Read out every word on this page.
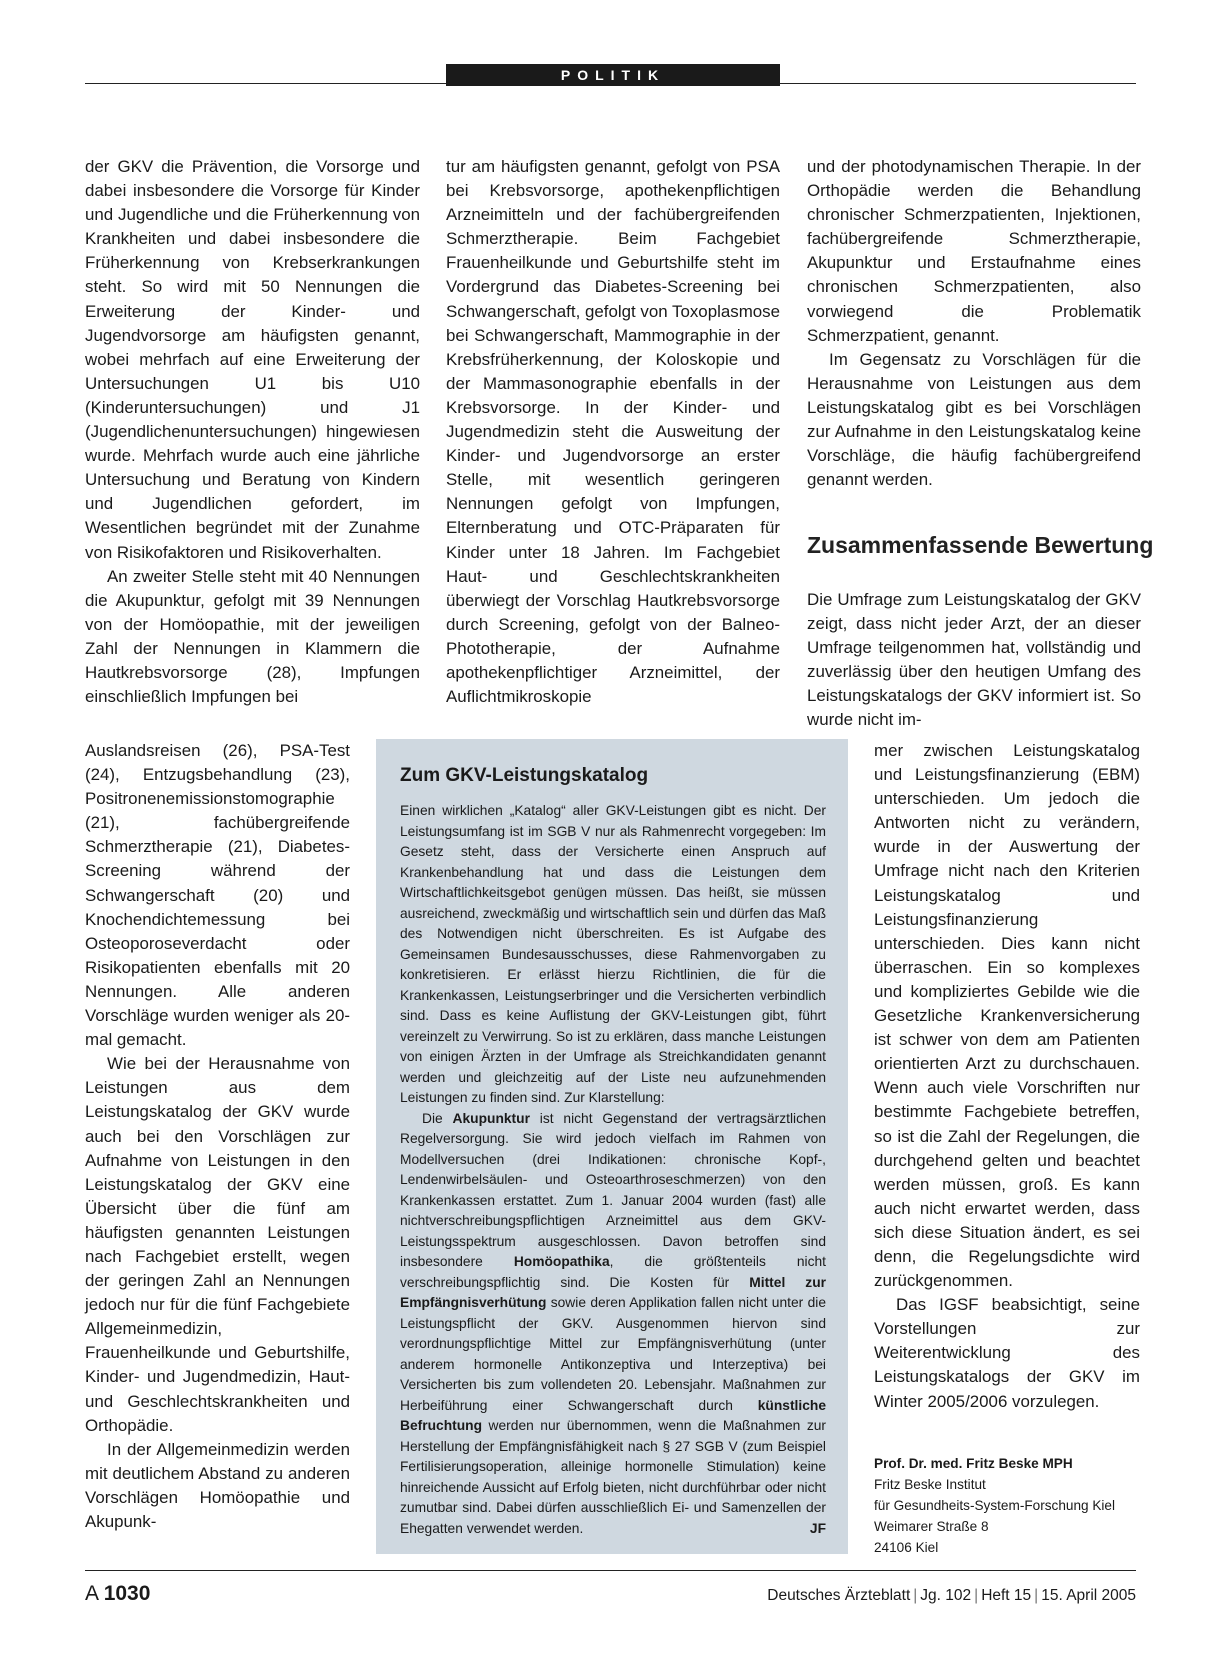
POLITIK

der GKV die Prävention, die Vorsorge und dabei insbesondere die Vorsorge für Kinder und Jugendliche und die Früherkennung von Krankheiten und dabei insbesondere die Früherkennung von Krebserkrankungen steht. So wird mit 50 Nennungen die Erweiterung der Kinder- und Jugendvorsorge am häufigsten genannt, wobei mehrfach auf eine Erweiterung der Untersuchungen U1 bis U10 (Kinderuntersuchungen) und J1 (Jugendlichenuntersuchungen) hingewiesen wurde. Mehrfach wurde auch eine jährliche Untersuchung und Beratung von Kindern und Jugendlichen gefordert, im Wesentlichen begründet mit der Zunahme von Risikofaktoren und Risikoverhalten.

An zweiter Stelle steht mit 40 Nennungen die Akupunktur, gefolgt mit 39 Nennungen von der Homöopathie, mit der jeweiligen Zahl der Nennungen in Klammern die Hautkrebsvorsorge (28), Impfungen einschließlich Impfungen bei

Auslandsreisen (26), PSA-Test (24), Entzugsbehandlung (23), Positronenemissionstomographie (21), fachübergreifende Schmerztherapie (21), Diabetes-Screening während der Schwangerschaft (20) und Knochendichtemessung bei Osteoporoseverdacht oder Risikopatienten ebenfalls mit 20 Nennungen. Alle anderen Vorschläge wurden weniger als 20-mal gemacht.

Wie bei der Herausnahme von Leistungen aus dem Leistungskatalog der GKV wurde auch bei den Vorschlägen zur Aufnahme von Leistungen in den Leistungskatalog der GKV eine Übersicht über die fünf am häufigsten genannten Leistungen nach Fachgebiet erstellt, wegen der geringen Zahl an Nennungen jedoch nur für die fünf Fachgebiete Allgemeinmedizin, Frauenheilkunde und Geburtshilfe, Kinder- und Jugendmedizin, Haut- und Geschlechtskrankheiten und Orthopädie.

In der Allgemeinmedizin werden mit deutlichem Abstand zu anderen Vorschlägen Homöopathie und Akupunk-

tur am häufigsten genannt, gefolgt von PSA bei Krebsvorsorge, apothekenpflichtigen Arzneimitteln und der fachübergreifenden Schmerztherapie. Beim Fachgebiet Frauenheilkunde und Geburtshilfe steht im Vordergrund das Diabetes-Screening bei Schwangerschaft, gefolgt von Toxoplasmose bei Schwangerschaft, Mammographie in der Krebsfrüherkennung, der Koloskopie und der Mammasonographie ebenfalls in der Krebsvorsorge. In der Kinder- und Jugendmedizin steht die Ausweitung der Kinder- und Jugendvorsorge an erster Stelle, mit wesentlich geringeren Nennungen gefolgt von Impfungen, Elternberatung und OTC-Präparaten für Kinder unter 18 Jahren. Im Fachgebiet Haut- und Geschlechtskrankheiten überwiegt der Vorschlag Hautkrebsvorsorge durch Screening, gefolgt von der Balneo-Phototherapie, der Aufnahme apothekenpflichtiger Arzneimittel, der Auflichtmikroskopie

und der photodynamischen Therapie. In der Orthopädie werden die Behandlung chronischer Schmerzpatienten, Injektionen, fachübergreifende Schmerztherapie, Akupunktur und Erstaufnahme eines chronischen Schmerzpatienten, also vorwiegend die Problematik Schmerzpatient, genannt.

Im Gegensatz zu Vorschlägen für die Herausnahme von Leistungen aus dem Leistungskatalog gibt es bei Vorschlägen zur Aufnahme in den Leistungskatalog keine Vorschläge, die häufig fachübergreifend genannt werden.

Zusammenfassende Bewertung

Die Umfrage zum Leistungskatalog der GKV zeigt, dass nicht jeder Arzt, der an dieser Umfrage teilgenommen hat, vollständig und zuverlässig über den heutigen Umfang des Leistungskatalogs der GKV informiert ist. So wurde nicht im-

mer zwischen Leistungskatalog und Leistungsfinanzierung (EBM) unterschieden. Um jedoch die Antworten nicht zu verändern, wurde in der Auswertung der Umfrage nicht nach den Kriterien Leistungskatalog und Leistungsfinanzierung unterschieden. Dies kann nicht überraschen. Ein so komplexes und kompliziertes Gebilde wie die Gesetzliche Krankenversicherung ist schwer von dem am Patienten orientierten Arzt zu durchschauen. Wenn auch viele Vorschriften nur bestimmte Fachgebiete betreffen, so ist die Zahl der Regelungen, die durchgehend gelten und beachtet werden müssen, groß. Es kann auch nicht erwartet werden, dass sich diese Situation ändert, es sei denn, die Regelungsdichte wird zurückgenommen.

Das IGSF beabsichtigt, seine Vorstellungen zur Weiterentwicklung des Leistungskatalogs der GKV im Winter 2005/2006 vorzulegen.

Zum GKV-Leistungskatalog

Einen wirklichen „Katalog“ aller GKV-Leistungen gibt es nicht. Der Leistungsumfang ist im SGB V nur als Rahmenrecht vorgegeben: Im Gesetz steht, dass der Versicherte einen Anspruch auf Krankenbehandlung hat und dass die Leistungen dem Wirtschaftlichkeitsgebot genügen müssen. Das heißt, sie müssen ausreichend, zweckmäßig und wirtschaftlich sein und dürfen das Maß des Notwendigen nicht überschreiten. Es ist Aufgabe des Gemeinsamen Bundesausschusses, diese Rahmenvorgaben zu konkretisieren. Er erlässt hierzu Richtlinien, die für die Krankenkassen, Leistungserbringer und die Versicherten verbindlich sind. Dass es keine Auflistung der GKV-Leistungen gibt, führt vereinzelt zu Verwirrung. So ist zu erklären, dass manche Leistungen von einigen Ärzten in der Umfrage als Streichkandidaten genannt werden und gleichzeitig auf der Liste neu aufzunehmenden Leistungen zu finden sind. Zur Klarstellung:

Die Akupunktur ist nicht Gegenstand der vertragsärztlichen Regelversorgung. Sie wird jedoch vielfach im Rahmen von Modellversuchen (drei Indikationen: chronische Kopf-, Lendenwirbelsäulen- und Osteoarthroseschmerzen) von den Krankenkassen erstattet. Zum 1. Januar 2004 wurden (fast) alle nichtverschreibungspflichtigen Arzneimittel aus dem GKV-Leistungsspektrum ausgeschlossen. Davon betroffen sind insbesondere Homöopathika, die größtenteils nicht verschreibungspflichtig sind. Die Kosten für Mittel zur Empfängnisverhütung sowie deren Applikation fallen nicht unter die Leistungspflicht der GKV. Ausgenommen hiervon sind verordnungspflichtige Mittel zur Empfängnisverhütung (unter anderem hormonelle Antikonzeptiva und Interzeptiva) bei Versicherten bis zum vollendeten 20. Lebensjahr. Maßnahmen zur Herbeiführung einer Schwangerschaft durch künstliche Befruchtung werden nur übernommen, wenn die Maßnahmen zur Herstellung der Empfängnisfähigkeit nach § 27 SGB V (zum Beispiel Fertilisierungsoperation, alleinige hormonelle Stimulation) keine hinreichende Aussicht auf Erfolg bieten, nicht durchführbar oder nicht zumutbar sind. Dabei dürfen ausschließlich Ei- und Samenzellen der Ehegatten verwendet werden.	JF

Prof. Dr. med. Fritz Beske MPH
Fritz Beske Institut
für Gesundheits-System-Forschung Kiel
Weimarer Straße 8
24106 Kiel
A 1030	Deutsches Ärzteblatt | Jg. 102 | Heft 15 | 15. April 2005
